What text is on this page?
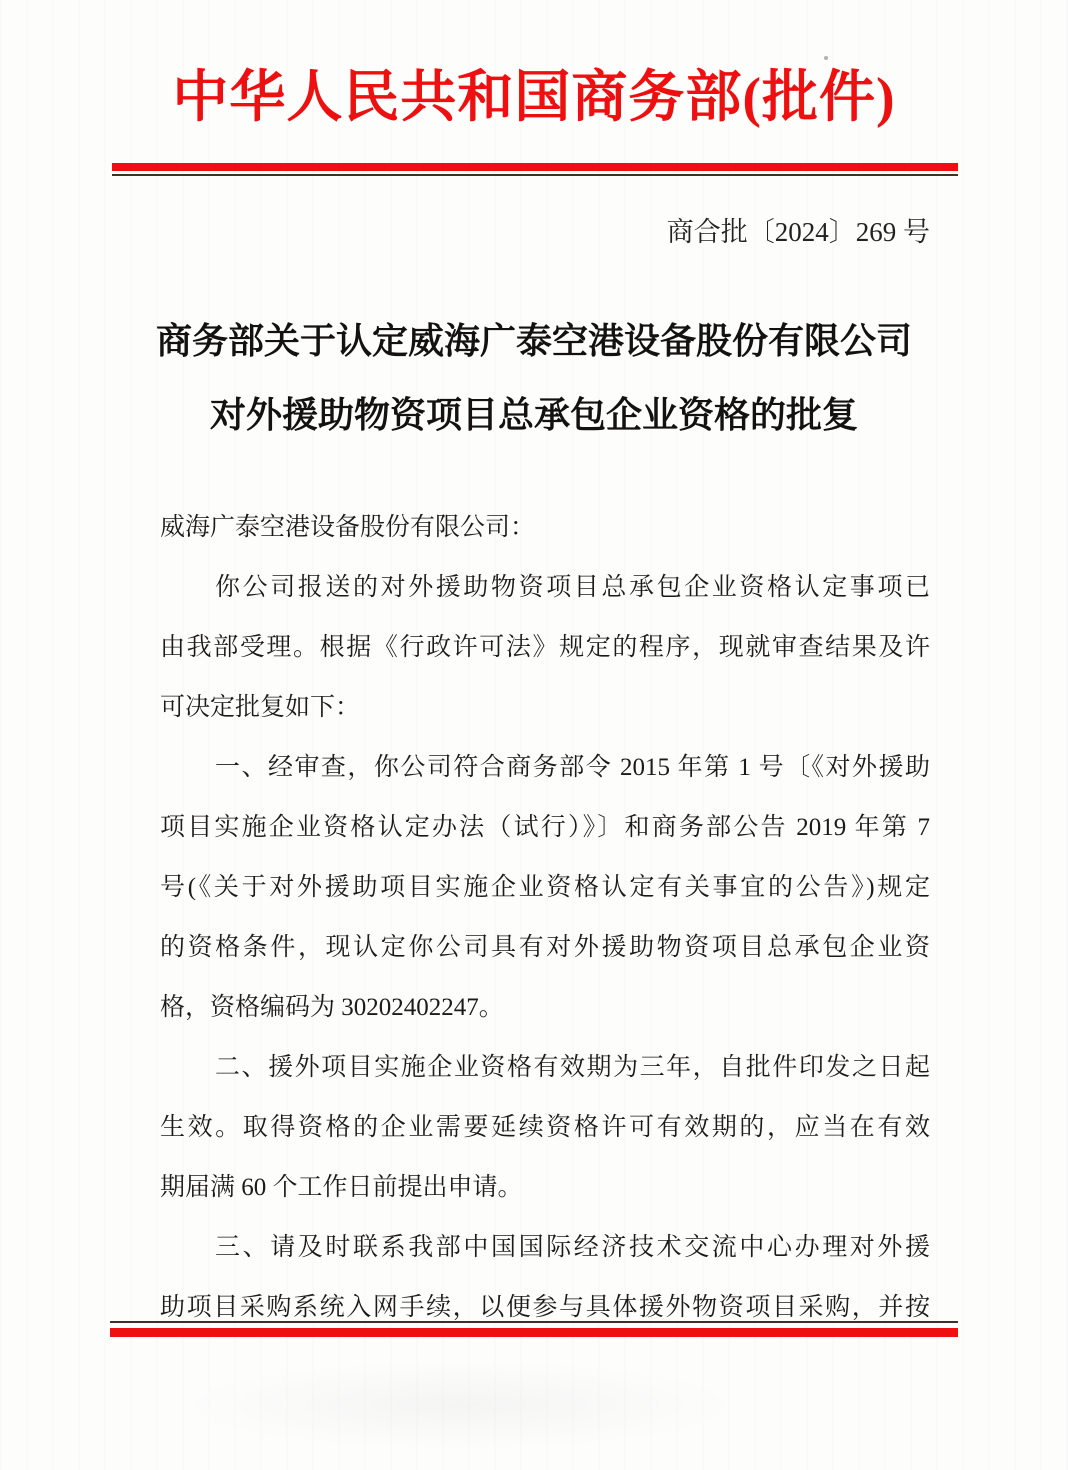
中华人民共和国商务部(批件)
商合批〔2024〕269 号
商务部关于认定威海广泰空港设备股份有限公司
对外援助物资项目总承包企业资格的批复
威海广泰空港设备股份有限公司：
你公司报送的对外援助物资项目总承包企业资格认定事项已
由我部受理。根据《行政许可法》规定的程序，现就审查结果及许
可决定批复如下：
一、经审查，你公司符合商务部令 2015 年第 1 号〔《对外援助
项目实施企业资格认定办法（试行）》〕和商务部公告 2019 年第 7
号(《关于对外援助项目实施企业资格认定有关事宜的公告》)规定
的资格条件，现认定你公司具有对外援助物资项目总承包企业资
格，资格编码为 30202402247。
二、援外项目实施企业资格有效期为三年，自批件印发之日起
生效。取得资格的企业需要延续资格许可有效期的，应当在有效
期届满 60 个工作日前提出申请。
三、请及时联系我部中国国际经济技术交流中心办理对外援
助项目采购系统入网手续，以便参与具体援外物资项目采购，并按
